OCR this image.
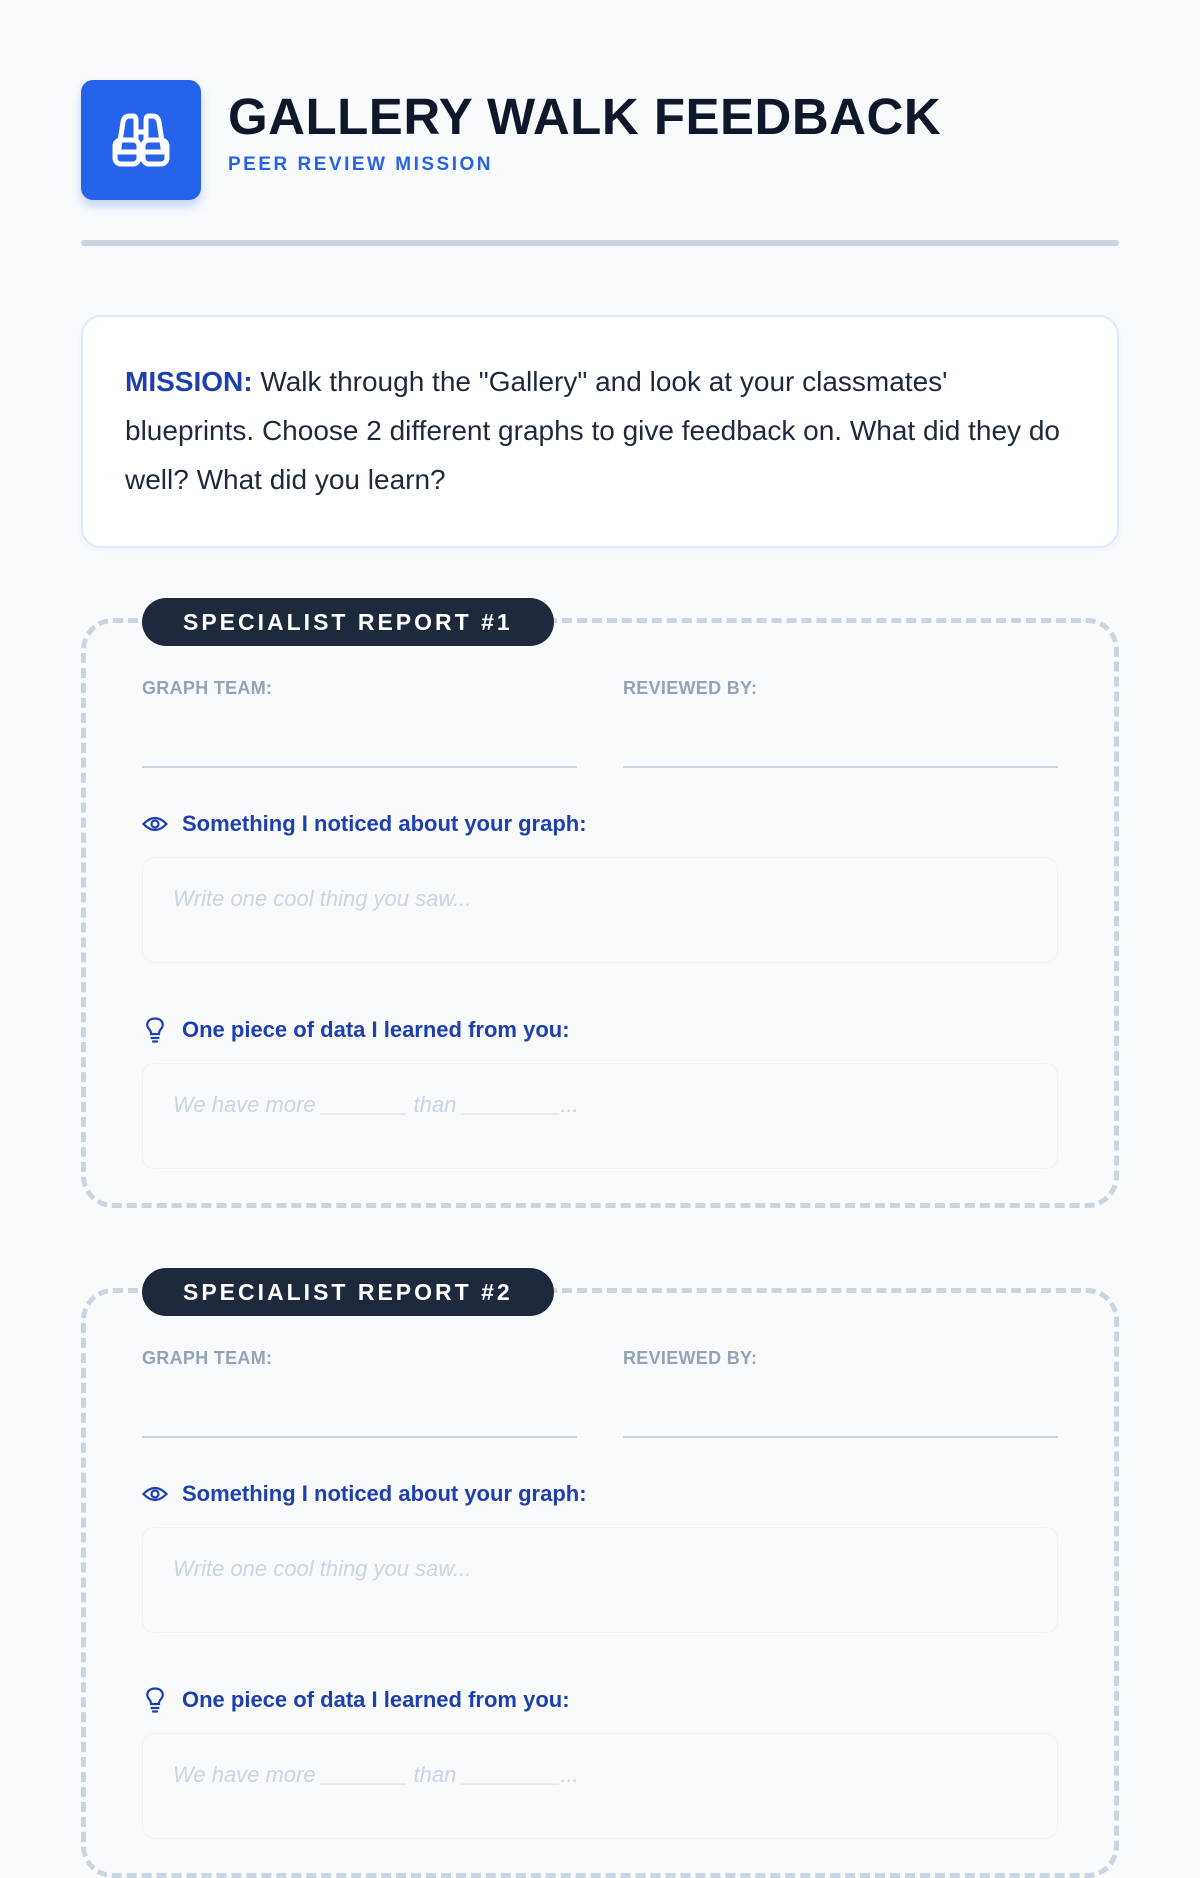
GALLERY WALK FEEDBACK
PEER REVIEW MISSION
MISSION: Walk through the "Gallery" and look at your classmates' blueprints. Choose 2 different graphs to give feedback on. What did they do well? What did you learn?
SPECIALIST REPORT #1
GRAPH TEAM:	REVIEWED BY:
Something I noticed about your graph:
Write one cool thing you saw...
One piece of data I learned from you:
We have more _______ than ________...
SPECIALIST REPORT #2
GRAPH TEAM:	REVIEWED BY:
Something I noticed about your graph:
Write one cool thing you saw...
One piece of data I learned from you:
We have more _______ than ________...
